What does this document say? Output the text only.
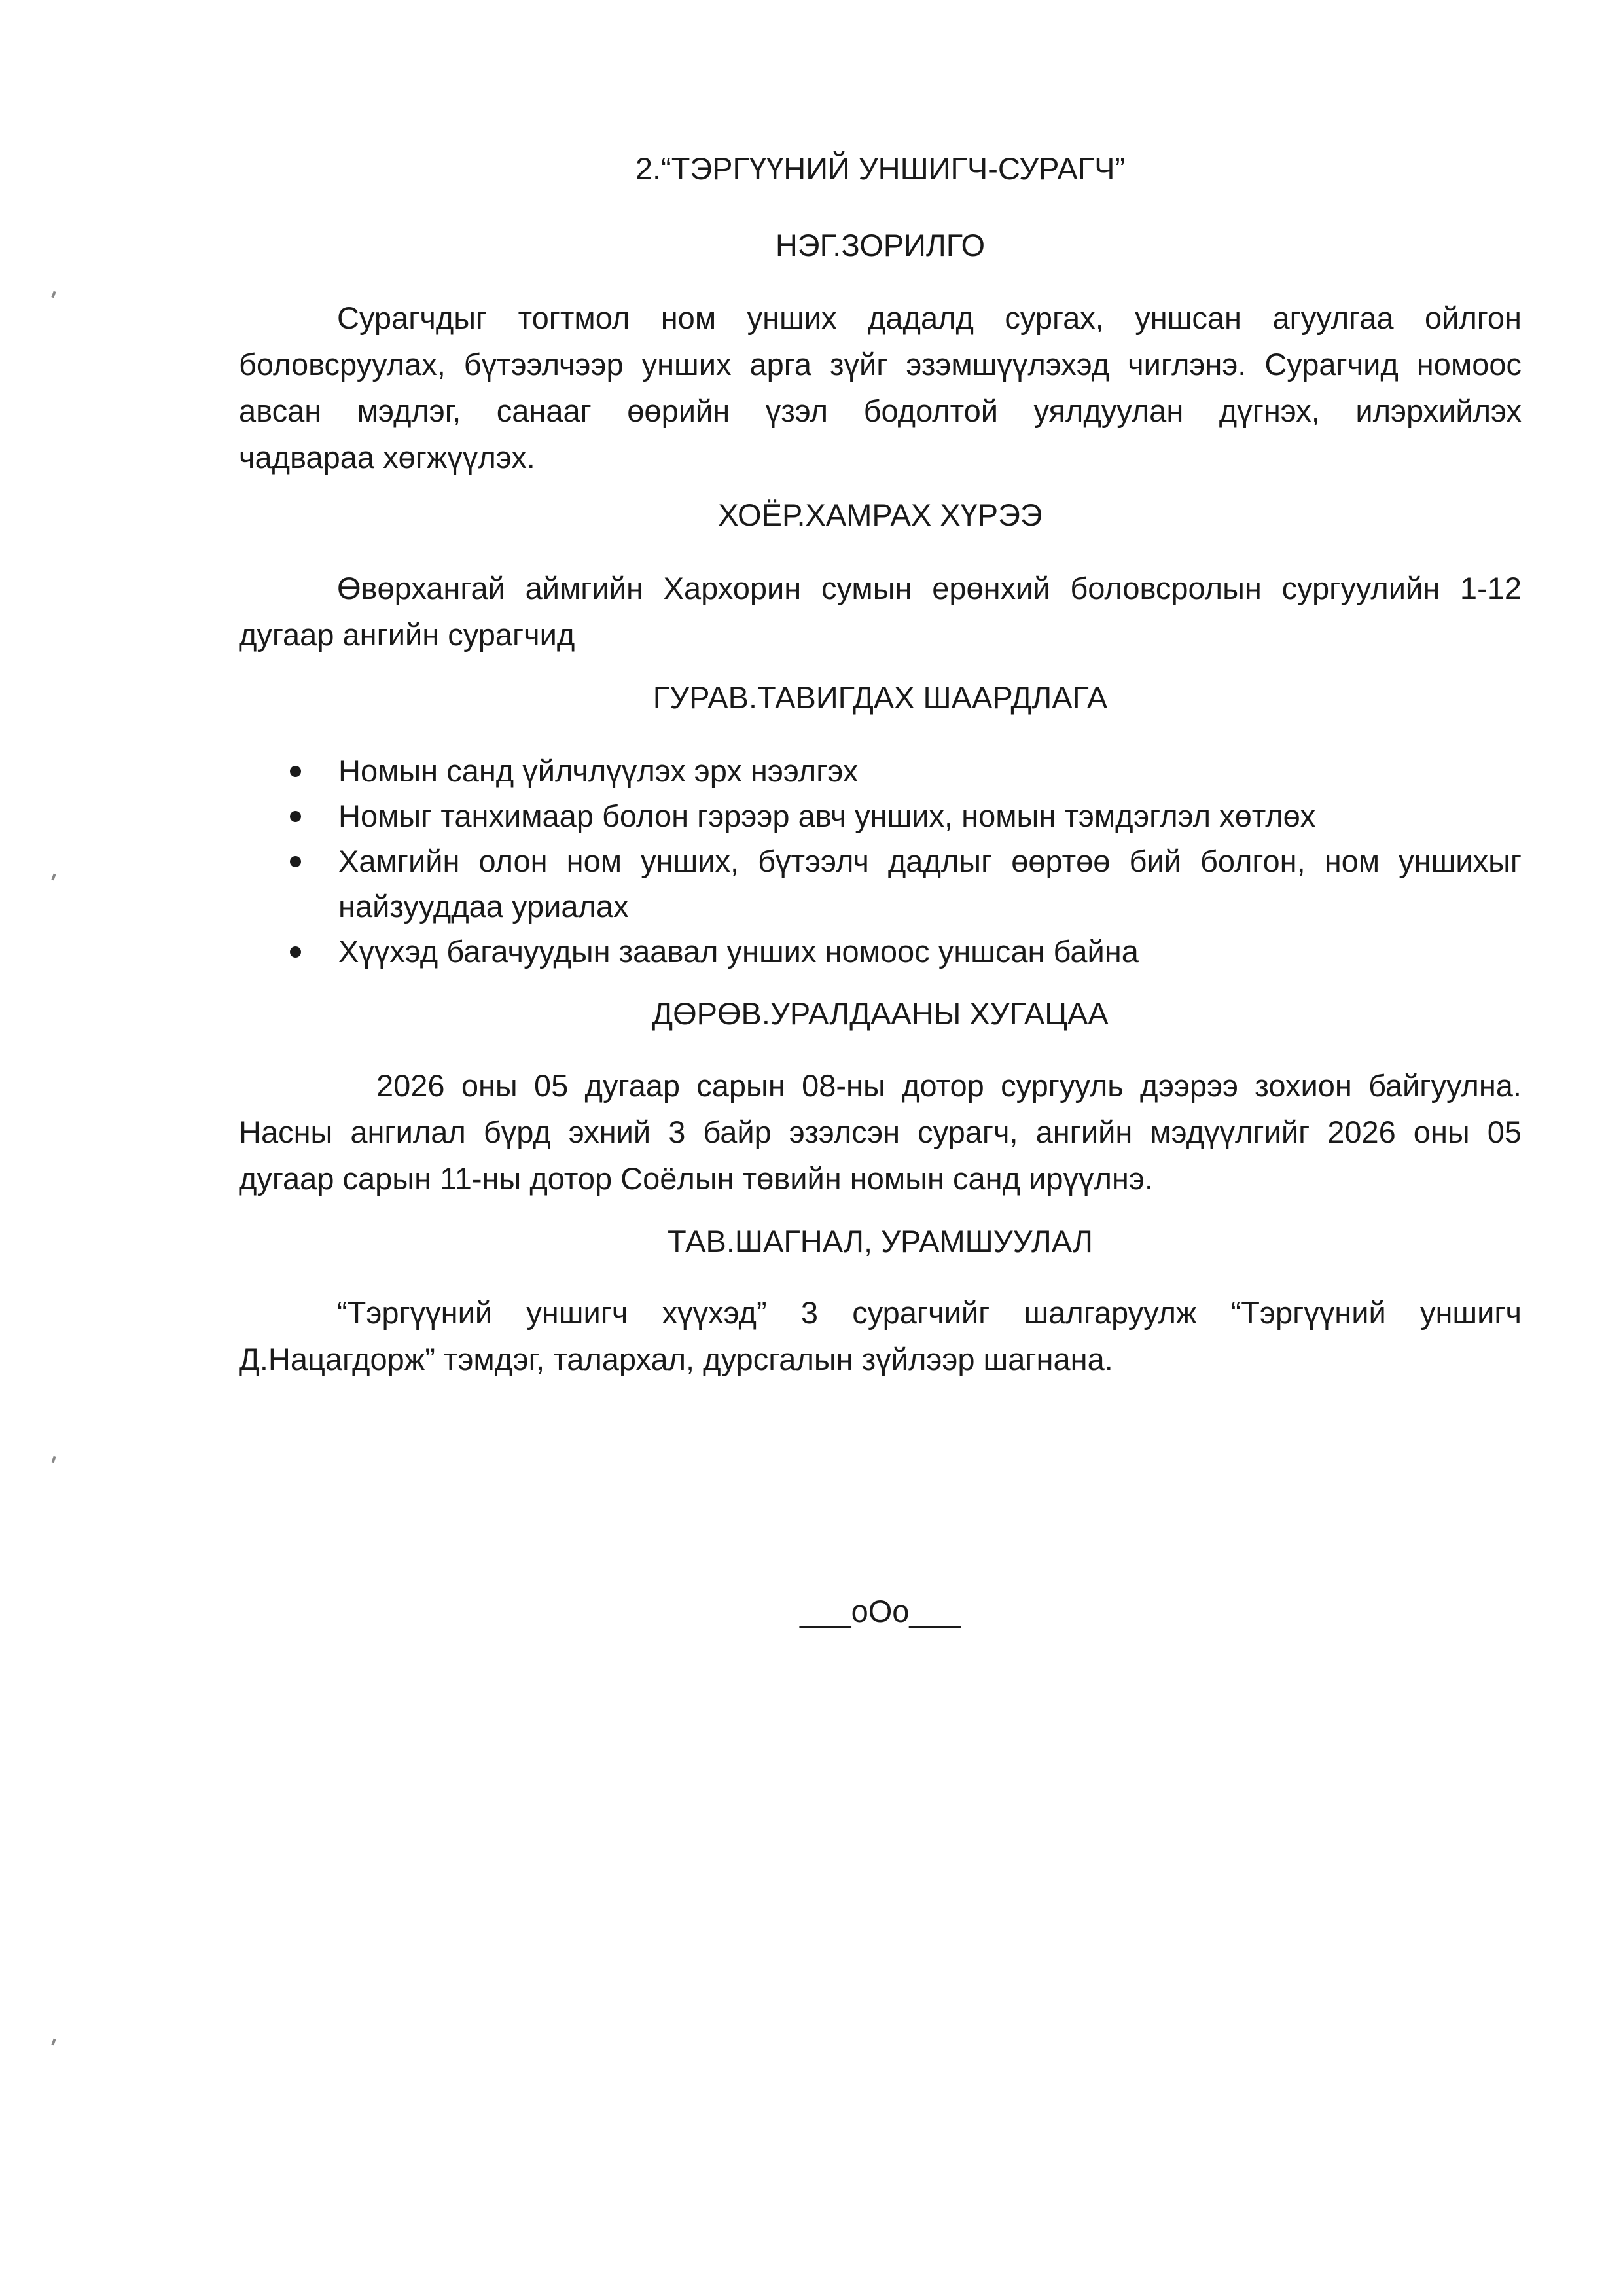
2.“ТЭРГҮҮНИЙ УНШИГЧ-СУРАГЧ”
НЭГ.ЗОРИЛГО
Сурагчдыг тогтмол ном унших дадалд сургах, уншсан агуулгаа ойлгон
боловсруулах, бүтээлчээр унших арга зүйг эзэмшүүлэхэд чиглэнэ. Сурагчид номоос
авсан мэдлэг, санааг өөрийн үзэл бодолтой уялдуулан дүгнэх, илэрхийлэх
чадвараа хөгжүүлэх.
ХОЁР.ХАМРАХ ХҮРЭЭ
Өвөрхангай аймгийн Хархорин сумын ерөнхий боловсролын сургуулийн 1-12
дугаар ангийн сурагчид
ГУРАВ.ТАВИГДАХ ШААРДЛАГА
Номын санд үйлчлүүлэх эрх нээлгэх
Номыг танхимаар болон гэрээр авч унших, номын тэмдэглэл хөтлөх
Хамгийн олон ном унших, бүтээлч дадлыг өөртөө бий болгон, ном уншихыг
найзууддаа уриалах
Хүүхэд багачуудын заавал унших номоос уншсан байна
ДӨРӨВ.УРАЛДААНЫ ХУГАЦАА
2026 оны 05 дугаар сарын 08-ны дотор сургууль дээрээ зохион байгуулна.
Насны ангилал бүрд эхний 3 байр эзэлсэн сурагч, ангийн мэдүүлгийг 2026 оны 05
дугаар сарын 11-ны дотор Соёлын төвийн номын санд ирүүлнэ.
ТАВ.ШАГНАЛ, УРАМШУУЛАЛ
“Тэргүүний уншигч хүүхэд” 3 сурагчийг шалгаруулж “Тэргүүний уншигч
Д.Нацагдорж” тэмдэг, талархал, дурсгалын зүйлээр шагнана.
___оОо___
